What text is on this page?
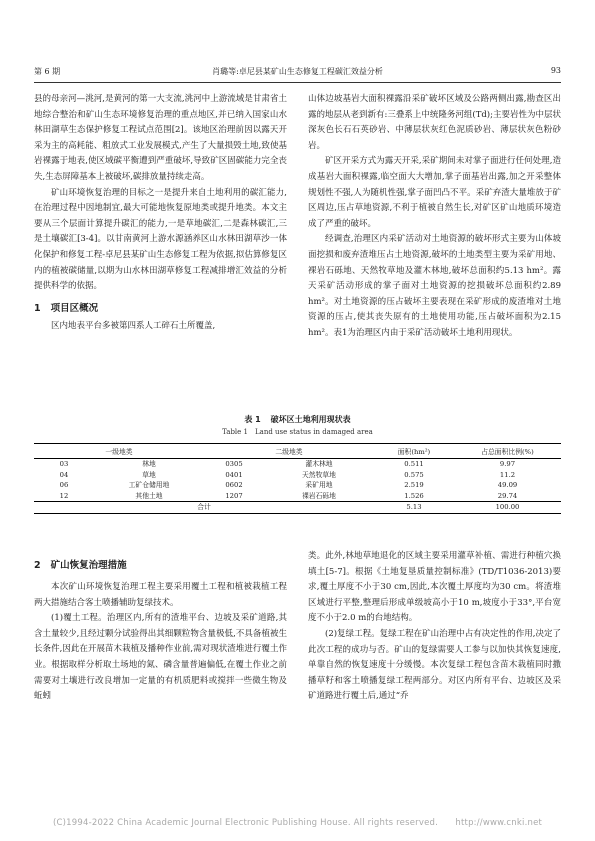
第 6 期	肖璐等:卓尼县某矿山生态修复工程碳汇效益分析	93

县的母亲河—洮河,是黄河的第一大支流,洮河中上游流域是甘肃省土地综合整治和矿山生态环境修复治理的重点地区,并已纳入国家山水林田湖草生态保护修复工程试点范围[2]。该地区治理前因以露天开采为主的高耗能、粗放式工业发展模式,产生了大量损毁土地,致使基岩裸露于地表,使区域碳平衡遭到严重破坏,导致矿区固碳能力完全丧失,生态屏障基本上被破坏,碳排放量持续走高。

矿山环境恢复治理的目标之一是提升来自土地利用的碳汇能力,在治理过程中因地制宜,最大可能地恢复原地类或提升地类。本文主要从三个层面计算提升碳汇的能力,一是草地碳汇,二是森林碳汇,三是土壤碳汇[3-4]。以甘南黄河上游水源涵养区山水林田湖草沙一体化保护和修复工程-卓尼县某矿山生态修复工程为依据,拟估算修复区内的植被碳储量,以期为山水林田湖草修复工程减排增汇效益的分析提供科学的依据。

1 项目区概况

区内地表平台多被第四系人工碎石土所覆盖,

山体边坡基岩大面积裸露沿采矿破坏区域及公路两侧出露,勘查区出露的地层从老到新有:三叠系上中统隆务河组(Td);主要岩性为中层状深灰色长石石英砂岩、中薄层状灰红色泥质砂岩、薄层状灰色粉砂岩。

矿区开采方式为露天开采,采矿期间未对掌子面进行任何处理,造成基岩大面积裸露,临空面大大增加,掌子面基岩出露,加之开采整体规划性不强,人为随机性强,掌子面凹凸不平。采矿弃渣大量堆放于矿区周边,压占草地资源,不利于植被自然生长,对矿区矿山地质环境造成了严重的破坏。

经调查,治理区内采矿活动对土地资源的破坏形式主要为山体坡面挖损和废弃渣堆压占土地资源,破坏的土地类型主要为采矿用地、裸岩石砾地、天然牧草地及灌木林地,破坏总面积约5.13 hm²。露天采矿活动形成的掌子面对土地资源的挖损破坏总面积约2.89 hm²。对土地资源的压占破坏主要表现在采矿形成的废渣堆对土地资源的压占,使其丧失原有的土地使用功能,压占破坏面积为2.15 hm²。表1为治理区内由于采矿活动破坏土地利用现状。

表 1 破坏区土地利用现状表
Table 1　Land use status in damaged area
一级地类		二级地类		面积(hm²)	占总面积比例(%)
03	林地	0305	灌木林地	0.511	9.97
04	草地	0401	天然牧草地	0.575	11.2
06	工矿仓储用地	0602	采矿用地	2.519	49.09
12	其他土地	1207	裸岩石砾地	1.526	29.74
合计				5.13	100.00
2 矿山恢复治理措施

本次矿山环境恢复治理工程主要采用覆土工程和植被栽植工程两大措施结合客土喷播辅助复绿技术。

(1)覆土工程。治理区内,所有的渣堆平台、边坡及采矿道路,其含土量较少,且经过颗分试验得出其细颗粒物含量极低,不具备植被生长条件,因此在开展苗木栽植及播种作业前,需对现状渣堆进行覆土作业。根据取样分析取土场地的氮、磷含量普遍偏低,在覆土作业之前需要对土壤进行改良增加一定量的有机质肥料或搅拌一些微生物及蚯蚓

类。此外,林地草地退化的区域主要采用灌草补植、需进行种植穴换填土[5-7]。根据《土地复垦质量控制标准》(TD/T1036-2013)要求,覆土厚度不小于30 cm,因此,本次覆土厚度均为30 cm。将渣堆区域进行平整,整理后形成单级坡高小于10 m,坡度小于33°,平台宽度不小于2.0 m的台地结构。

(2)复绿工程。复绿工程在矿山治理中占有决定性的作用,决定了此次工程的成功与否。矿山的复绿需要人工参与以加快其恢复速度,单靠自然的恢复速度十分缓慢。本次复绿工程包含苗木栽植同时撒播草籽和客土喷播复绿工程两部分。对区内所有平台、边坡区及采矿道路进行覆土后,通过“乔

(C)1994-2022 China Academic Journal Electronic Publishing House. All rights reserved.　　http://www.cnki.net
